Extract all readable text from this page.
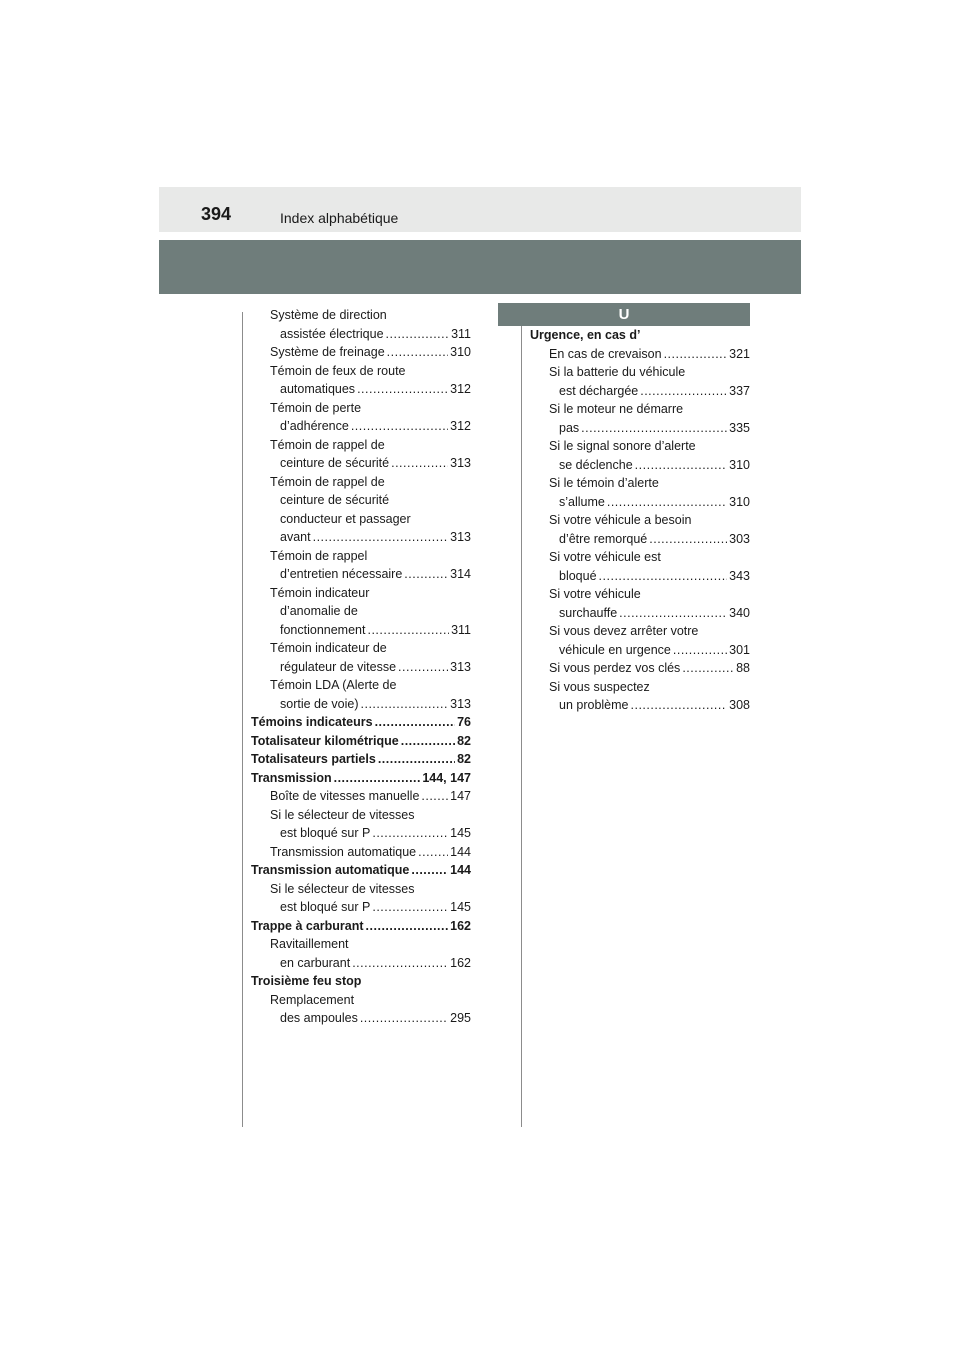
394	Index alphabétique
Système de direction
assistée électrique .....	311
Système de freinage .....	310
Témoin de feux de route
automatiques .....	312
Témoin de perte
d’adhérence .....	312
Témoin de rappel de
ceinture de sécurité .....	313
Témoin de rappel de
ceinture de sécurité
conducteur et passager
avant .....	313
Témoin de rappel
d’entretien nécessaire .....	314
Témoin indicateur
d’anomalie de
fonctionnement .....	311
Témoin indicateur de
régulateur de vitesse .....	313
Témoin LDA (Alerte de
sortie de voie) .....	313
Témoins indicateurs .....	76
Totalisateur kilométrique .....	82
Totalisateurs partiels .....	82
Transmission .....	144, 147
Boîte de vitesses manuelle ..... 147
Si le sélecteur de vitesses
est bloqué sur P .....	145
Transmission automatique .....	144
Transmission automatique .....	144
Si le sélecteur de vitesses
est bloqué sur P .....	145
Trappe à carburant .....	162
Ravitaillement
en carburant .....	162
Troisième feu stop
Remplacement
des ampoules .....	295
U
Urgence, en cas d’
En cas de crevaison .....	321
Si la batterie du véhicule
est déchargée .....	337
Si le moteur ne démarre
pas .....	335
Si le signal sonore d’alerte
se déclenche .....	310
Si le témoin d’alerte
s’allume .....	310
Si votre véhicule a besoin
d’être remorqué .....	303
Si votre véhicule est
bloqué .....	343
Si votre véhicule
surchauffe .....	340
Si vous devez arrêter votre
véhicule en urgence .....	301
Si vous perdez vos clés .....	88
Si vous suspectez
un problème .....	308
